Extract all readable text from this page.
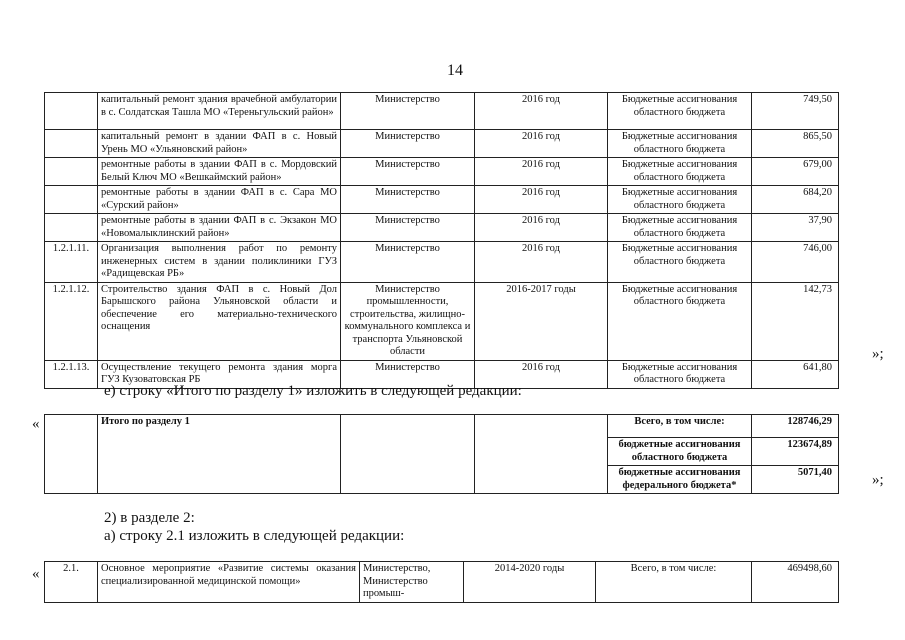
14
	капитальный ремонт здания врачебной амбулатории в с. Солдатская Ташла МО «Тереньгульский район»	Министерство	2016 год	Бюджетные ассигнования областного бюджета	749,50
	капитальный ремонт в здании ФАП в с. Новый Урень МО «Ульяновский район»	Министерство	2016 год	Бюджетные ассигнования областного бюджета	865,50
	ремонтные работы в здании ФАП в с. Мордовский Белый Ключ МО «Вешкаймский район»	Министерство	2016 год	Бюджетные ассигнования областного бюджета	679,00
	ремонтные работы в здании ФАП в с. Сара МО «Сурский район»	Министерство	2016 год	Бюджетные ассигнования областного бюджета	684,20
	ремонтные работы в здании ФАП в с. Экзакон МО «Новомалыклинский район»	Министерство	2016 год	Бюджетные ассигнования областного бюджета	37,90
1.2.1.11.	Организация выполнения работ по ремонту инженерных систем в здании поликлиники ГУЗ «Радищевская РБ»	Министерство	2016 год	Бюджетные ассигнования областного бюджета	746,00
1.2.1.12.	Строительство здания ФАП в с. Новый Дол Барышского района Ульяновской области и обеспечение его материально-технического оснащения	Министерство промышленности, строительства, жилищно-коммунального комплекса и транспорта Ульяновской области	2016-2017 годы	Бюджетные ассигнования областного бюджета	142,73
1.2.1.13.	Осуществление текущего ремонта здания морга ГУЗ Кузоватовская РБ	Министерство	2016 год	Бюджетные ассигнования областного бюджета	641,80
»;
е) строку «Итого по разделу 1» изложить в следующей редакции:
«
		Итого по разделу 1			Всего, в том числе:	128746,29
				бюджетные ассигнования областного бюджета	123674,89
				бюджетные ассигнования федерального бюджета*	5071,40	»;
2) в разделе 2:
а) строку 2.1 изложить в следующей редакции:
« 2.1.	Основное мероприятие «Развитие системы оказания специализированной медицинской помощи»	Министерство, Министерство промыш-	2014-2020 годы	Всего, в том числе:	469498,60
